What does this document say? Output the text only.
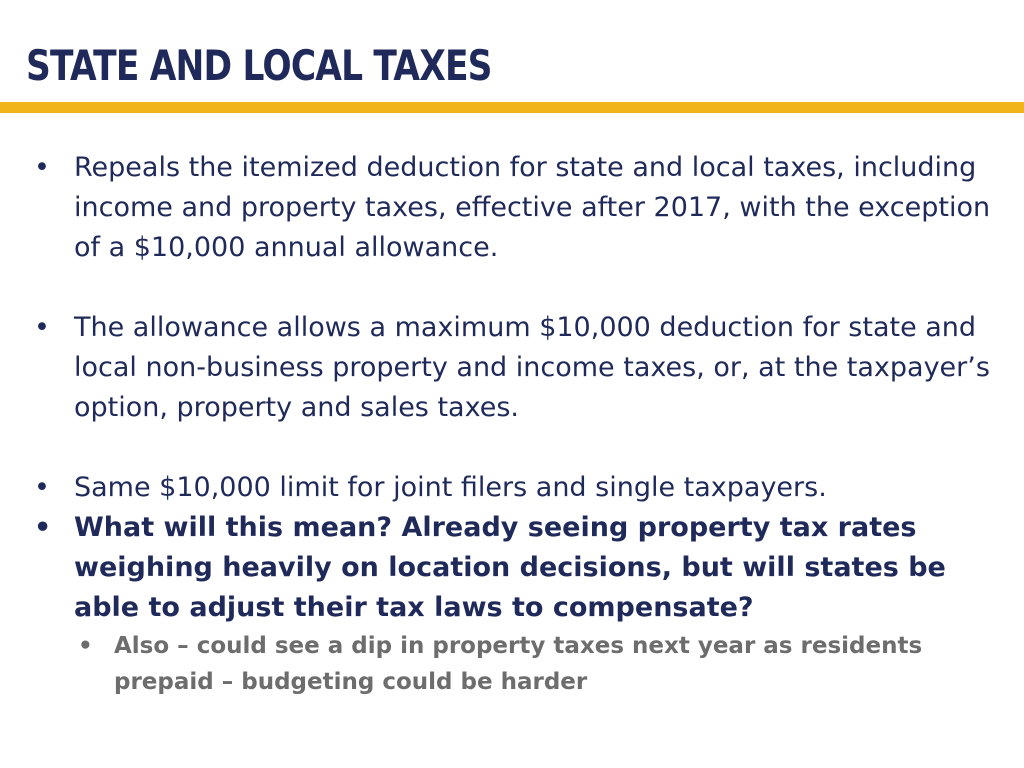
STATE AND LOCAL TAXES
• Repeals the itemized deduction for state and local taxes, including income and property taxes, effective after 2017, with the exception of a $10,000 annual allowance.
• The allowance allows a maximum $10,000 deduction for state and local non-business property and income taxes, or, at the taxpayer’s option, property and sales taxes.
• Same $10,000 limit for joint filers and single taxpayers.
• What will this mean? Already seeing property tax rates weighing heavily on location decisions, but will states be able to adjust their tax laws to compensate?
• Also – could see a dip in property taxes next year as residents prepaid – budgeting could be harder
